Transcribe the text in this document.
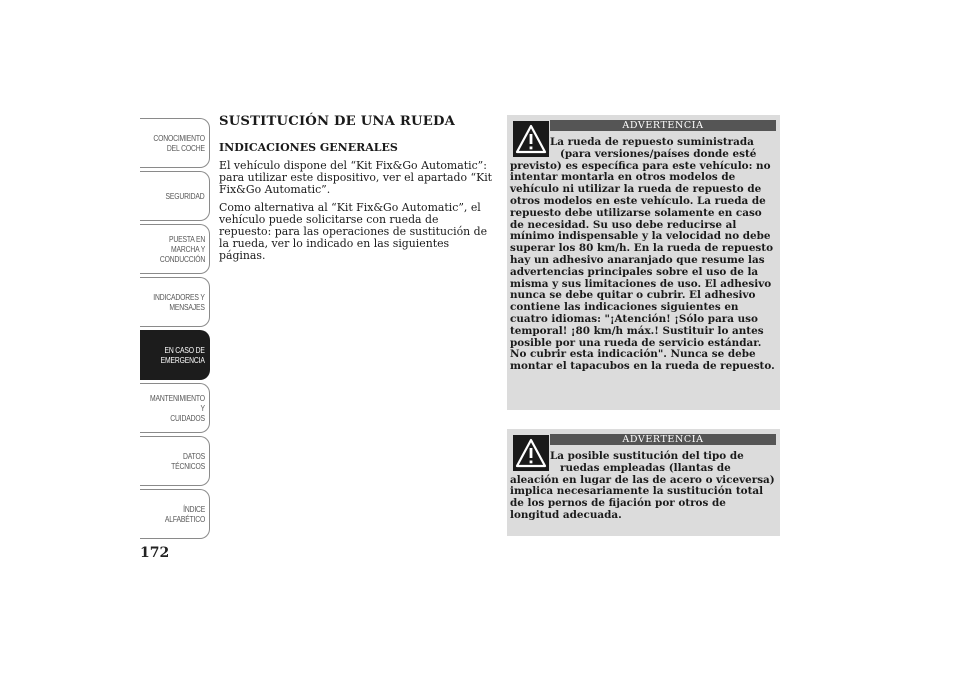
CONOCIMIENTO
DEL COCHE
SEGURIDAD
PUESTA EN
MARCHA Y
CONDUCCIÓN
INDICADORES Y
MENSAJES
EN CASO DE
EMERGENCIA
MANTENIMIENTO Y
CUIDADOS
DATOS TÉCNICOS
ÍNDICE
ALFABÉTICO
172
SUSTITUCIÓN DE UNA RUEDA
INDICACIONES GENERALES

El vehículo dispone del “Kit Fix&Go Automatic”: para utilizar este dispositivo, ver el apartado “Kit Fix&Go Automatic”.

Como alternativa al “Kit Fix&Go Automatic”, el vehículo puede solicitarse con rueda de repuesto: para las operaciones de sustitución de la rueda, ver lo indicado en las siguientes páginas.

ADVERTENCIA
La rueda de repuesto suministrada
(para versiones/países donde esté
previsto) es específica para este vehículo: no intentar montarla en otros modelos de vehículo ni utilizar la rueda de repuesto de otros modelos en este vehículo. La rueda de repuesto debe utilizarse solamente en caso de necesidad. Su uso debe reducirse al mínimo indispensable y la velocidad no debe superar los 80 km/h. En la rueda de repuesto hay un adhesivo anaranjado que resume las advertencias principales sobre el uso de la misma y sus limitaciones de uso. El adhesivo nunca se debe quitar o cubrir. El adhesivo contiene las indicaciones siguientes en cuatro idiomas: "¡Atención! ¡Sólo para uso temporal! ¡80 km/h máx.! Sustituir lo antes posible por una rueda de servicio estándar. No cubrir esta indicación". Nunca se debe montar el tapacubos en la rueda de repuesto.
ADVERTENCIA
La posible sustitución del tipo de
ruedas empleadas (llantas de
aleación en lugar de las de acero o viceversa) implica necesariamente la sustitución total de los pernos de fijación por otros de longitud adecuada.
